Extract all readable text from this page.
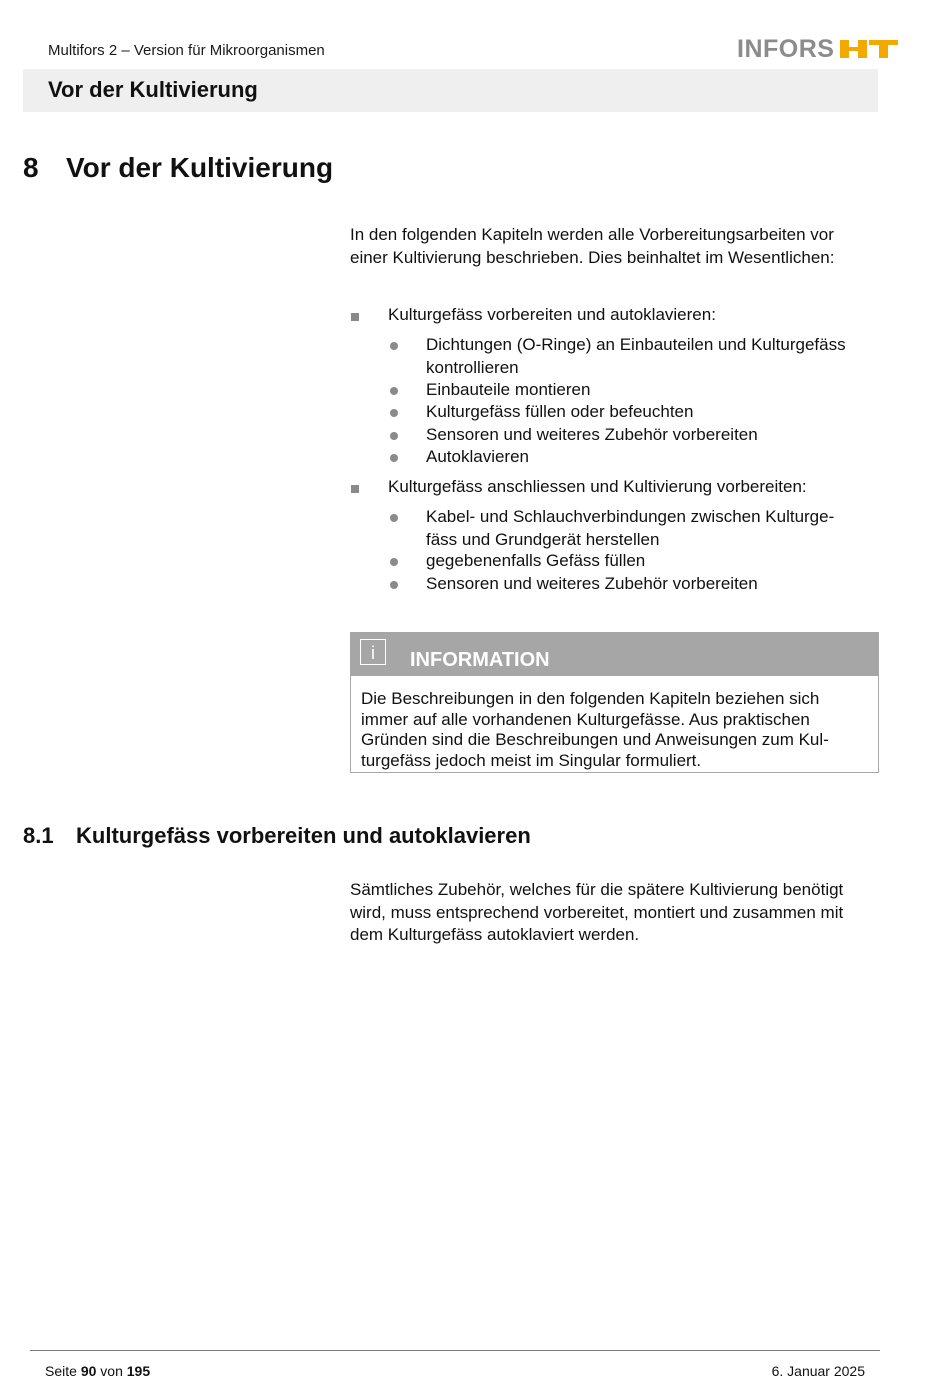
Multifors 2 – Version für Mikroorganismen	INFORS
Vor der Kultivierung
8 Vor der Kultivierung
In den folgenden Kapiteln werden alle Vorbereitungsarbeiten vor einer Kultivierung beschrieben. Dies beinhaltet im Wesentlichen:
Kulturgefäss vorbereiten und autoklavieren:
Dichtungen (O-Ringe) an Einbauteilen und Kulturgefäss kontrollieren
Einbauteile montieren
Kulturgefäss füllen oder befeuchten
Sensoren und weiteres Zubehör vorbereiten
Autoklavieren
Kulturgefäss anschliessen und Kultivierung vorbereiten:
Kabel- und Schlauchverbindungen zwischen Kulturge- fäss und Grundgerät herstellen
gegebenenfalls Gefäss füllen
Sensoren und weiteres Zubehör vorbereiten
i	INFORMATION
Die Beschreibungen in den folgenden Kapiteln beziehen sich immer auf alle vorhandenen Kulturgefässe. Aus praktischen Gründen sind die Beschreibungen und Anweisungen zum Kul- turgefäss jedoch meist im Singular formuliert.
8.1 Kulturgefäss vorbereiten und autoklavieren
Sämtliches Zubehör, welches für die spätere Kultivierung benötigt wird, muss entsprechend vorbereitet, montiert und zusammen mit dem Kulturgefäss autoklaviert werden.
Seite 90 von 195	6. Januar 2025
